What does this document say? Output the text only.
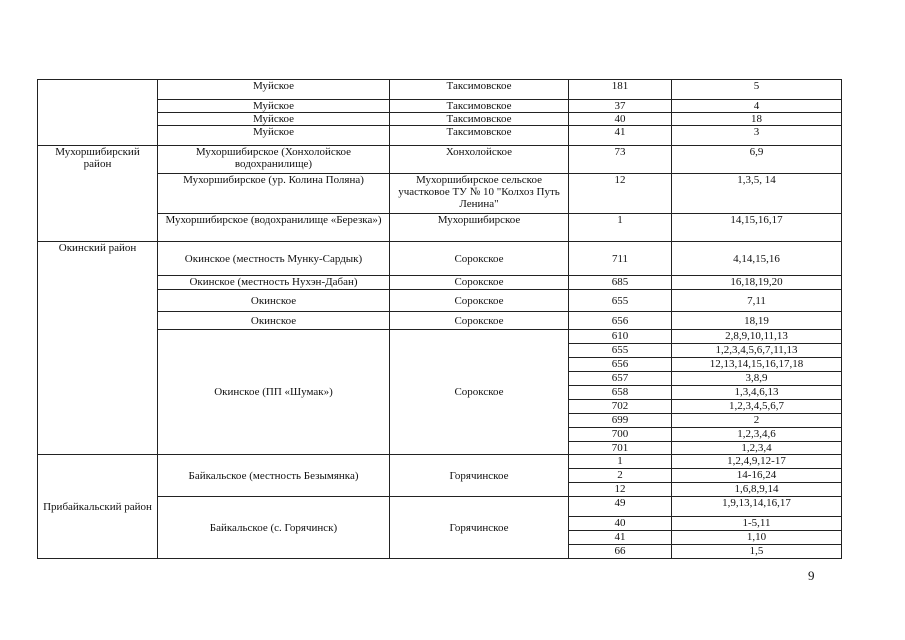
	Муйское	Таксимовское	181	5
	Муйское	Таксимовское	37	4
	Муйское	Таксимовское	40	18
	Муйское	Таксимовское	41	3
Мухоршибирский район	Мухоршибирское (Хонхолойское водохранилище)	Хонхолойское	73	6,9
	Мухоршибирское (ур. Колина Поляна)	Мухоршибирское сельское участковое ТУ № 10 "Колхоз Путь Ленина"	12	1,3,5, 14
	Мухоршибирское (водохранилище «Березка»)	Мухоршибирское	1	14,15,16,17
Окинский район	Окинское (местность Мунку-Сардык)	Сорокское	711	4,14,15,16
	Окинское (местность Нухэн-Дабан)	Сорокское	685	16,18,19,20
	Окинское	Сорокское	655	7,11
	Окинское	Сорокское	656	18,19
	Окинское (ПП «Шумак»)	Сорокское	610	2,8,9,10,11,13
			655	1,2,3,4,5,6,7,11,13
			656	12,13,14,15,16,17,18
			657	3,8,9
			658	1,3,4,6,13
			702	1,2,3,4,5,6,7
			699	2
			700	1,2,3,4,6
			701	1,2,3,4
Прибайкальский район	Байкальское (местность Безымянка)	Горячинское	1	1,2,4,9,12-17
			2	14-16,24
			12	1,6,8,9,14
	Байкальское (с. Горячинск)	Горячинское	49	1,9,13,14,16,17
			40	1-5,11
			41	1,10
			66	1,5
9
